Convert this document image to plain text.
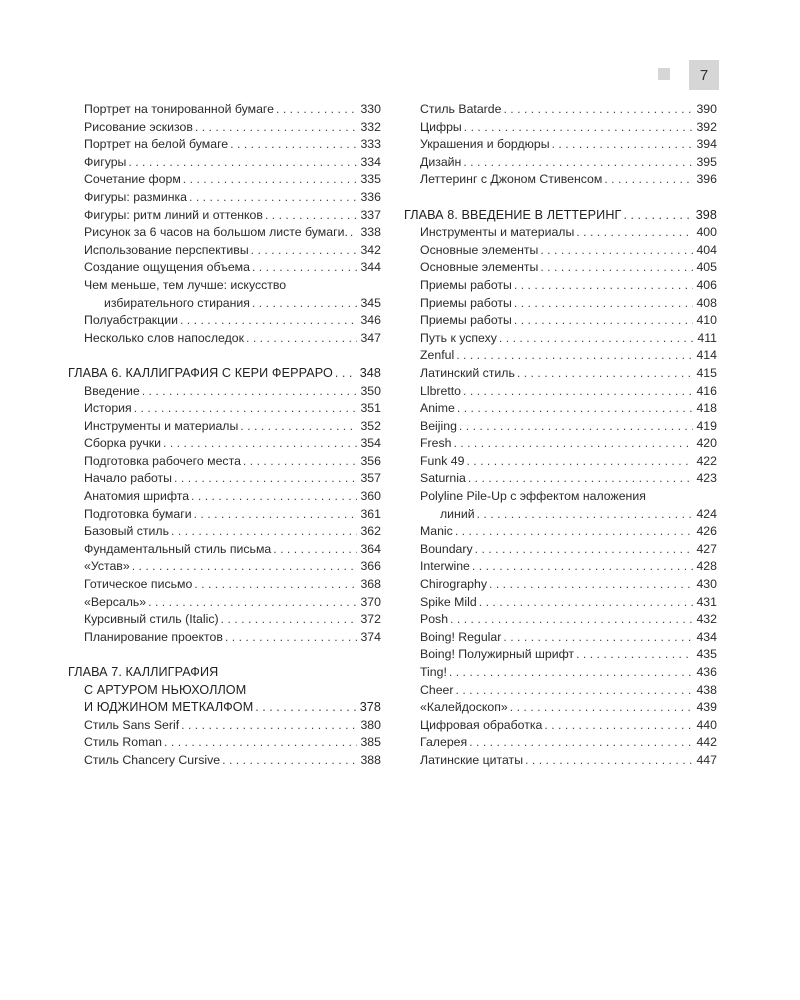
7
Портрет на тонированной бумаге . . .	330
Рисование эскизов . . .	332
Портрет на белой бумаге . . .	333
Фигуры . . .	334
Сочетание форм . . .	335
Фигуры: разминка . . .	336
Фигуры: ритм линий и оттенков . . .	337
Рисунок за 6 часов на большом листе бумаги. . . . 338
Использование перспективы . . .	342
Создание ощущения объема . . .	344
Чем меньше, тем лучше: искусство
избирательного стирания . . .	345
Полуабстракции . . .	346
Несколько слов напоследок . . .	347
ГЛАВА 6. КАЛЛИГРАФИЯ С КЕРИ ФЕРРАРО . . . 348
Введение . . .	350
История . . .	351
Инструменты и материалы . . .	352
Сборка ручки . . .	354
Подготовка рабочего места . . .	356
Начало работы . . .	357
Анатомия шрифта . . .	360
Подготовка бумаги . . .	361
Базовый стиль . . .	362
Фундаментальный стиль письма . . .	364
«Устав» . . .	366
Готическое письмо . . .	368
«Версаль» . . .	370
Курсивный стиль (Italic) . . .	372
Планирование проектов . . .	374
ГЛАВА 7. КАЛЛИГРАФИЯ
С АРТУРОМ НЬЮХОЛЛОМ
И ЮДЖИНОМ МЕТКАЛФОМ . . .	378
Стиль Sans Serif . . .	380
Стиль Roman . . .	385
Стиль Chancery Cursive . . .	388
Стиль Batarde . . .	390
Цифры . . .	392
Украшения и бордюры . . .	394
Дизайн . . .	395
Леттеринг с Джоном Стивенсом . . .	396
ГЛАВА 8. ВВЕДЕНИЕ В ЛЕТТЕРИНГ . . .	398
Инструменты и материалы . . .	400
Основные элементы . . .	404
Основные элементы . . .	405
Приемы работы . . .	406
Приемы работы . . .	408
Приемы работы . . .	410
Путь к успеху . . .	411
Zenful . . .	414
Латинский стиль . . .	415
Llbretto . . .	416
Anime . . .	418
Beijing . . .	419
Fresh . . .	420
Funk 49 . . .	422
Saturnia . . .	423
Polyline Pile-Up с эффектом наложения
линий . . .	424
Manic . . .	426
Boundary . . .	427
Interwine . . .	428
Chirography . . .	430
Spike Mild . . .	431
Posh . . .	432
Boing! Regular . . .	434
Boing! Полужирный шрифт . . .	435
Ting! . . .	436
Cheer . . .	438
«Калейдоскоп» . . .	439
Цифровая обработка . . .	440
Галерея . . .	442
Латинские цитаты . . .	447
